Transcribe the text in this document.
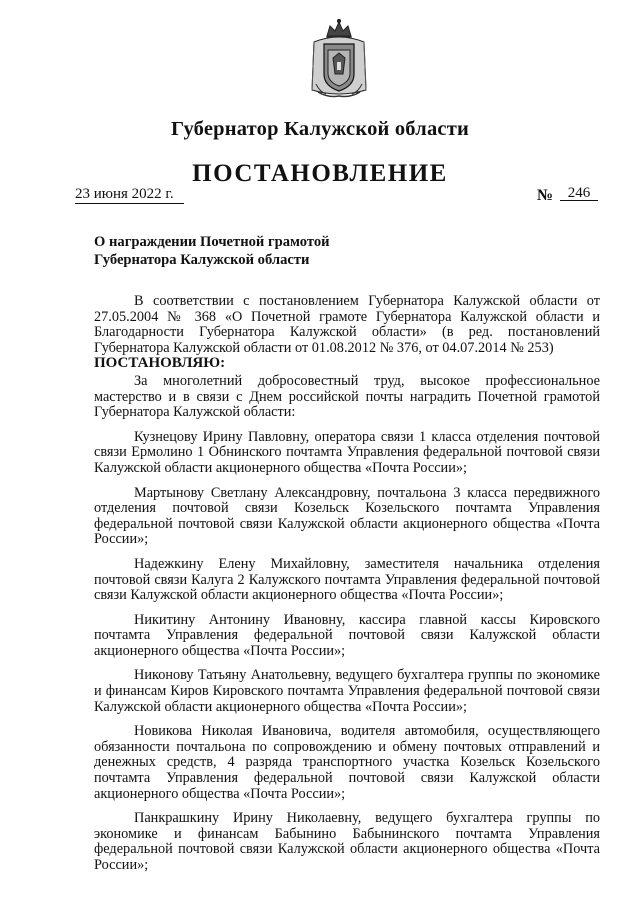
Губернатор Калужской области
ПОСТАНОВЛЕНИЕ
23 июня 2022 г.	№ 246
О награждении Почетной грамотой
Губернатора Калужской области

В соответствии с постановлением Губернатора Калужской области от 27.05.2004 № 368 «О Почетной грамоте Губернатора Калужской области и Благодарности Губернатора Калужской области» (в ред. постановлений Губернатора Калужской области от 01.08.2012 № 376, от 04.07.2014 № 253)

ПОСТАНОВЛЯЮ:

За многолетний добросовестный труд, высокое профессиональное мастерство и в связи с Днем российской почты наградить Почетной грамотой Губернатора Калужской области:

Кузнецову Ирину Павловну, оператора связи 1 класса отделения почтовой связи Ермолино 1 Обнинского почтамта Управления федеральной почтовой связи Калужской области акционерного общества «Почта России»;

Мартынову Светлану Александровну, почтальона 3 класса передвижного отделения почтовой связи Козельск Козельского почтамта Управления федеральной почтовой связи Калужской области акционерного общества «Почта России»;

Надежкину Елену Михайловну, заместителя начальника отделения почтовой связи Калуга 2 Калужского почтамта Управления федеральной почтовой связи Калужской области акционерного общества «Почта России»;

Никитину Антонину Ивановну, кассира главной кассы Кировского почтамта Управления федеральной почтовой связи Калужской области акционерного общества «Почта России»;

Никонову Татьяну Анатольевну, ведущего бухгалтера группы по экономике и финансам Киров Кировского почтамта Управления федеральной почтовой связи Калужской области акционерного общества «Почта России»;

Новикова Николая Ивановича, водителя автомобиля, осуществляющего обязанности почтальона по сопровождению и обмену почтовых отправлений и денежных средств, 4 разряда транспортного участка Козельск Козельского почтамта Управления федеральной почтовой связи Калужской области акционерного общества «Почта России»;

Панкрашкину Ирину Николаевну, ведущего бухгалтера группы по экономике и финансам Бабынино Бабынинского почтамта Управления федеральной почтовой связи Калужской области акционерного общества «Почта России»;
